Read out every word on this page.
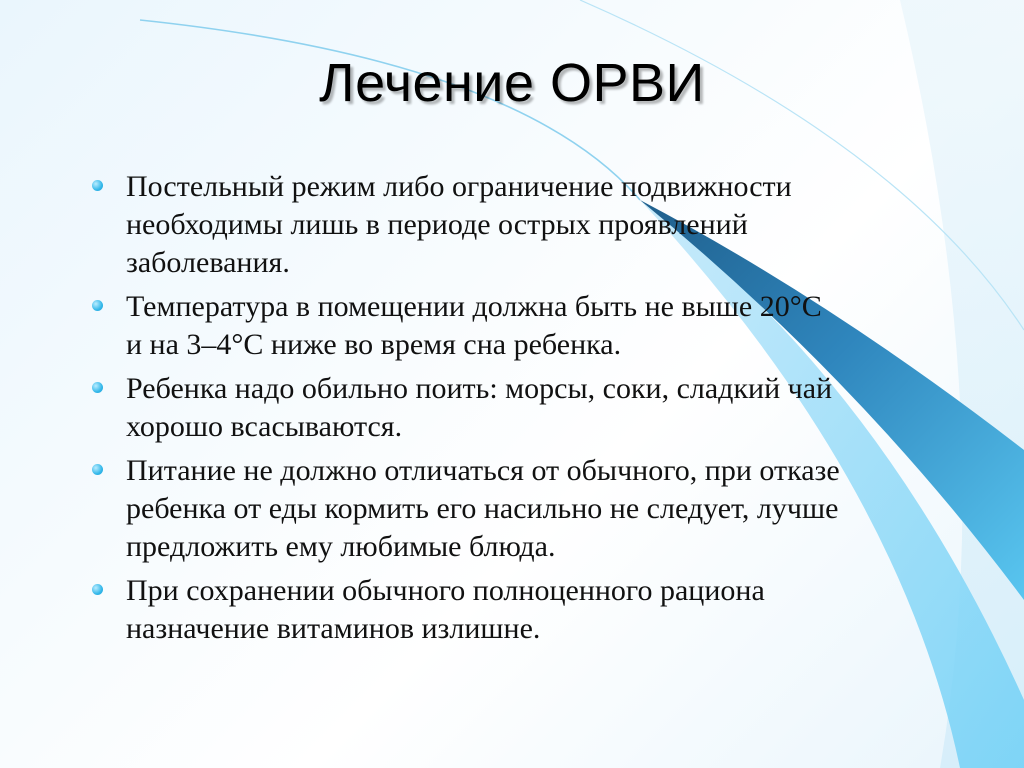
Лечение ОРВИ
Постельный режим либо ограничение подвижности
необходимы лишь в периоде острых проявлений
заболевания.
Температура в помещении должна быть не выше 20°С
и на 3–4°С ниже во время сна ребенка.
Ребенка надо обильно поить: морсы, соки, сладкий чай
хорошо всасываются.
Питание не должно отличаться от обычного, при отказе
ребенка от еды кормить его насильно не следует, лучше
предложить ему любимые блюда.
При сохранении обычного полноценного рациона
назначение витаминов излишне.
